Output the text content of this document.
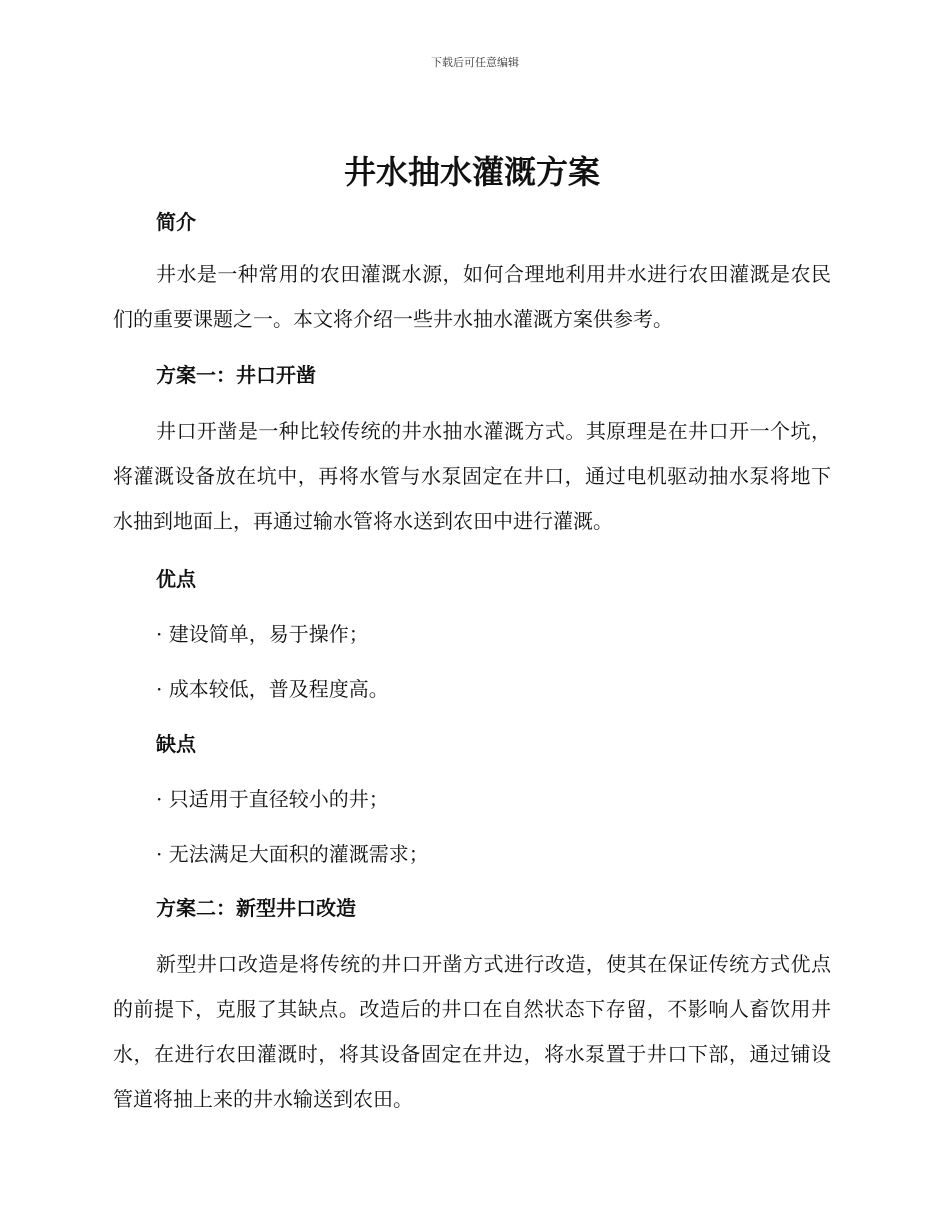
下载后可任意编辑
井水抽水灌溉方案
简介

井水是一种常用的农田灌溉水源，如何合理地利用井水进行农田灌溉是农民们的重要课题之一。本文将介绍一些井水抽水灌溉方案供参考。

方案一：井口开凿

井口开凿是一种比较传统的井水抽水灌溉方式。其原理是在井口开一个坑，将灌溉设备放在坑中，再将水管与水泵固定在井口，通过电机驱动抽水泵将地下水抽到地面上，再通过输水管将水送到农田中进行灌溉。

优点

· 建设简单，易于操作；

· 成本较低，普及程度高。

缺点

· 只适用于直径较小的井；

· 无法满足大面积的灌溉需求；

方案二：新型井口改造

新型井口改造是将传统的井口开凿方式进行改造，使其在保证传统方式优点的前提下，克服了其缺点。改造后的井口在自然状态下存留，不影响人畜饮用井水，在进行农田灌溉时，将其设备固定在井边，将水泵置于井口下部，通过铺设管道将抽上来的井水输送到农田。
